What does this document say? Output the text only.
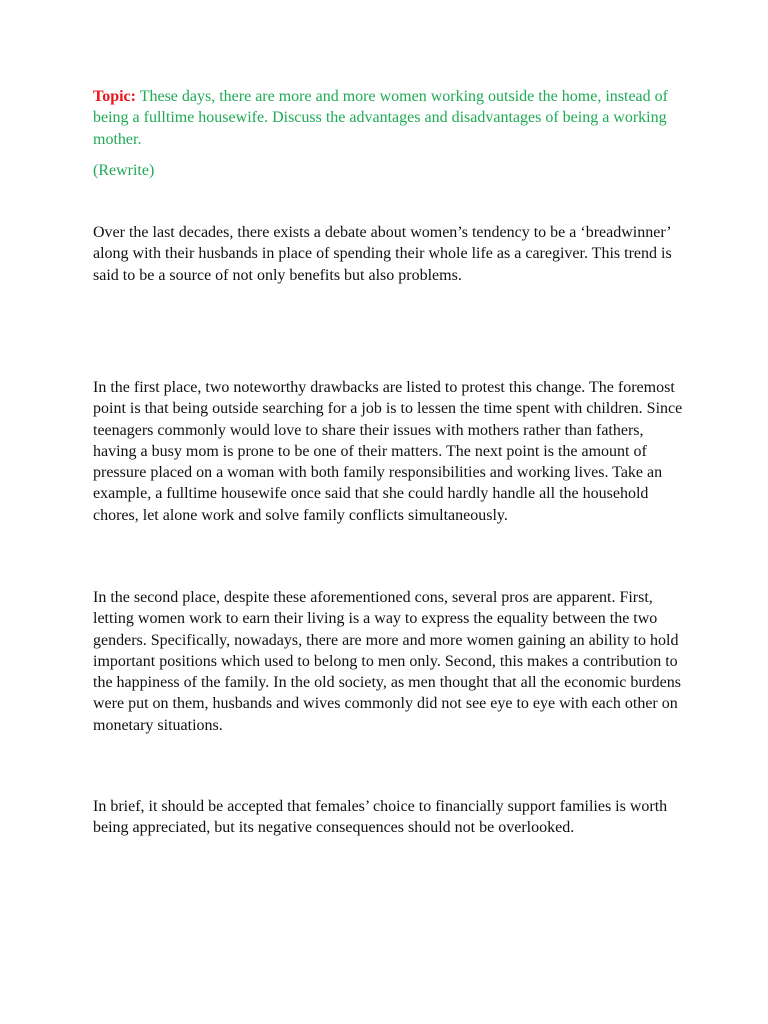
Topic: These days, there are more and more women working outside the home, instead of being a fulltime housewife. Discuss the advantages and disadvantages of being a working mother.

(Rewrite)

Over the last decades, there exists a debate about women’s tendency to be a ‘breadwinner’ along with their husbands in place of spending their whole life as a caregiver. This trend is said to be a source of not only benefits but also problems.

In the first place, two noteworthy drawbacks are listed to protest this change. The foremost point is that being outside searching for a job is to lessen the time spent with children. Since teenagers commonly would love to share their issues with mothers rather than fathers, having a busy mom is prone to be one of their matters. The next point is the amount of pressure placed on a woman with both family responsibilities and working lives. Take an example, a fulltime housewife once said that she could hardly handle all the household chores, let alone work and solve family conflicts simultaneously.

In the second place, despite these aforementioned cons, several pros are apparent. First, letting women work to earn their living is a way to express the equality between the two genders. Specifically, nowadays, there are more and more women gaining an ability to hold important positions which used to belong to men only. Second, this makes a contribution to the happiness of the family. In the old society, as men thought that all the economic burdens were put on them, husbands and wives commonly did not see eye to eye with each other on monetary situations.

In brief, it should be accepted that females’ choice to financially support families is worth being appreciated, but its negative consequences should not be overlooked.
